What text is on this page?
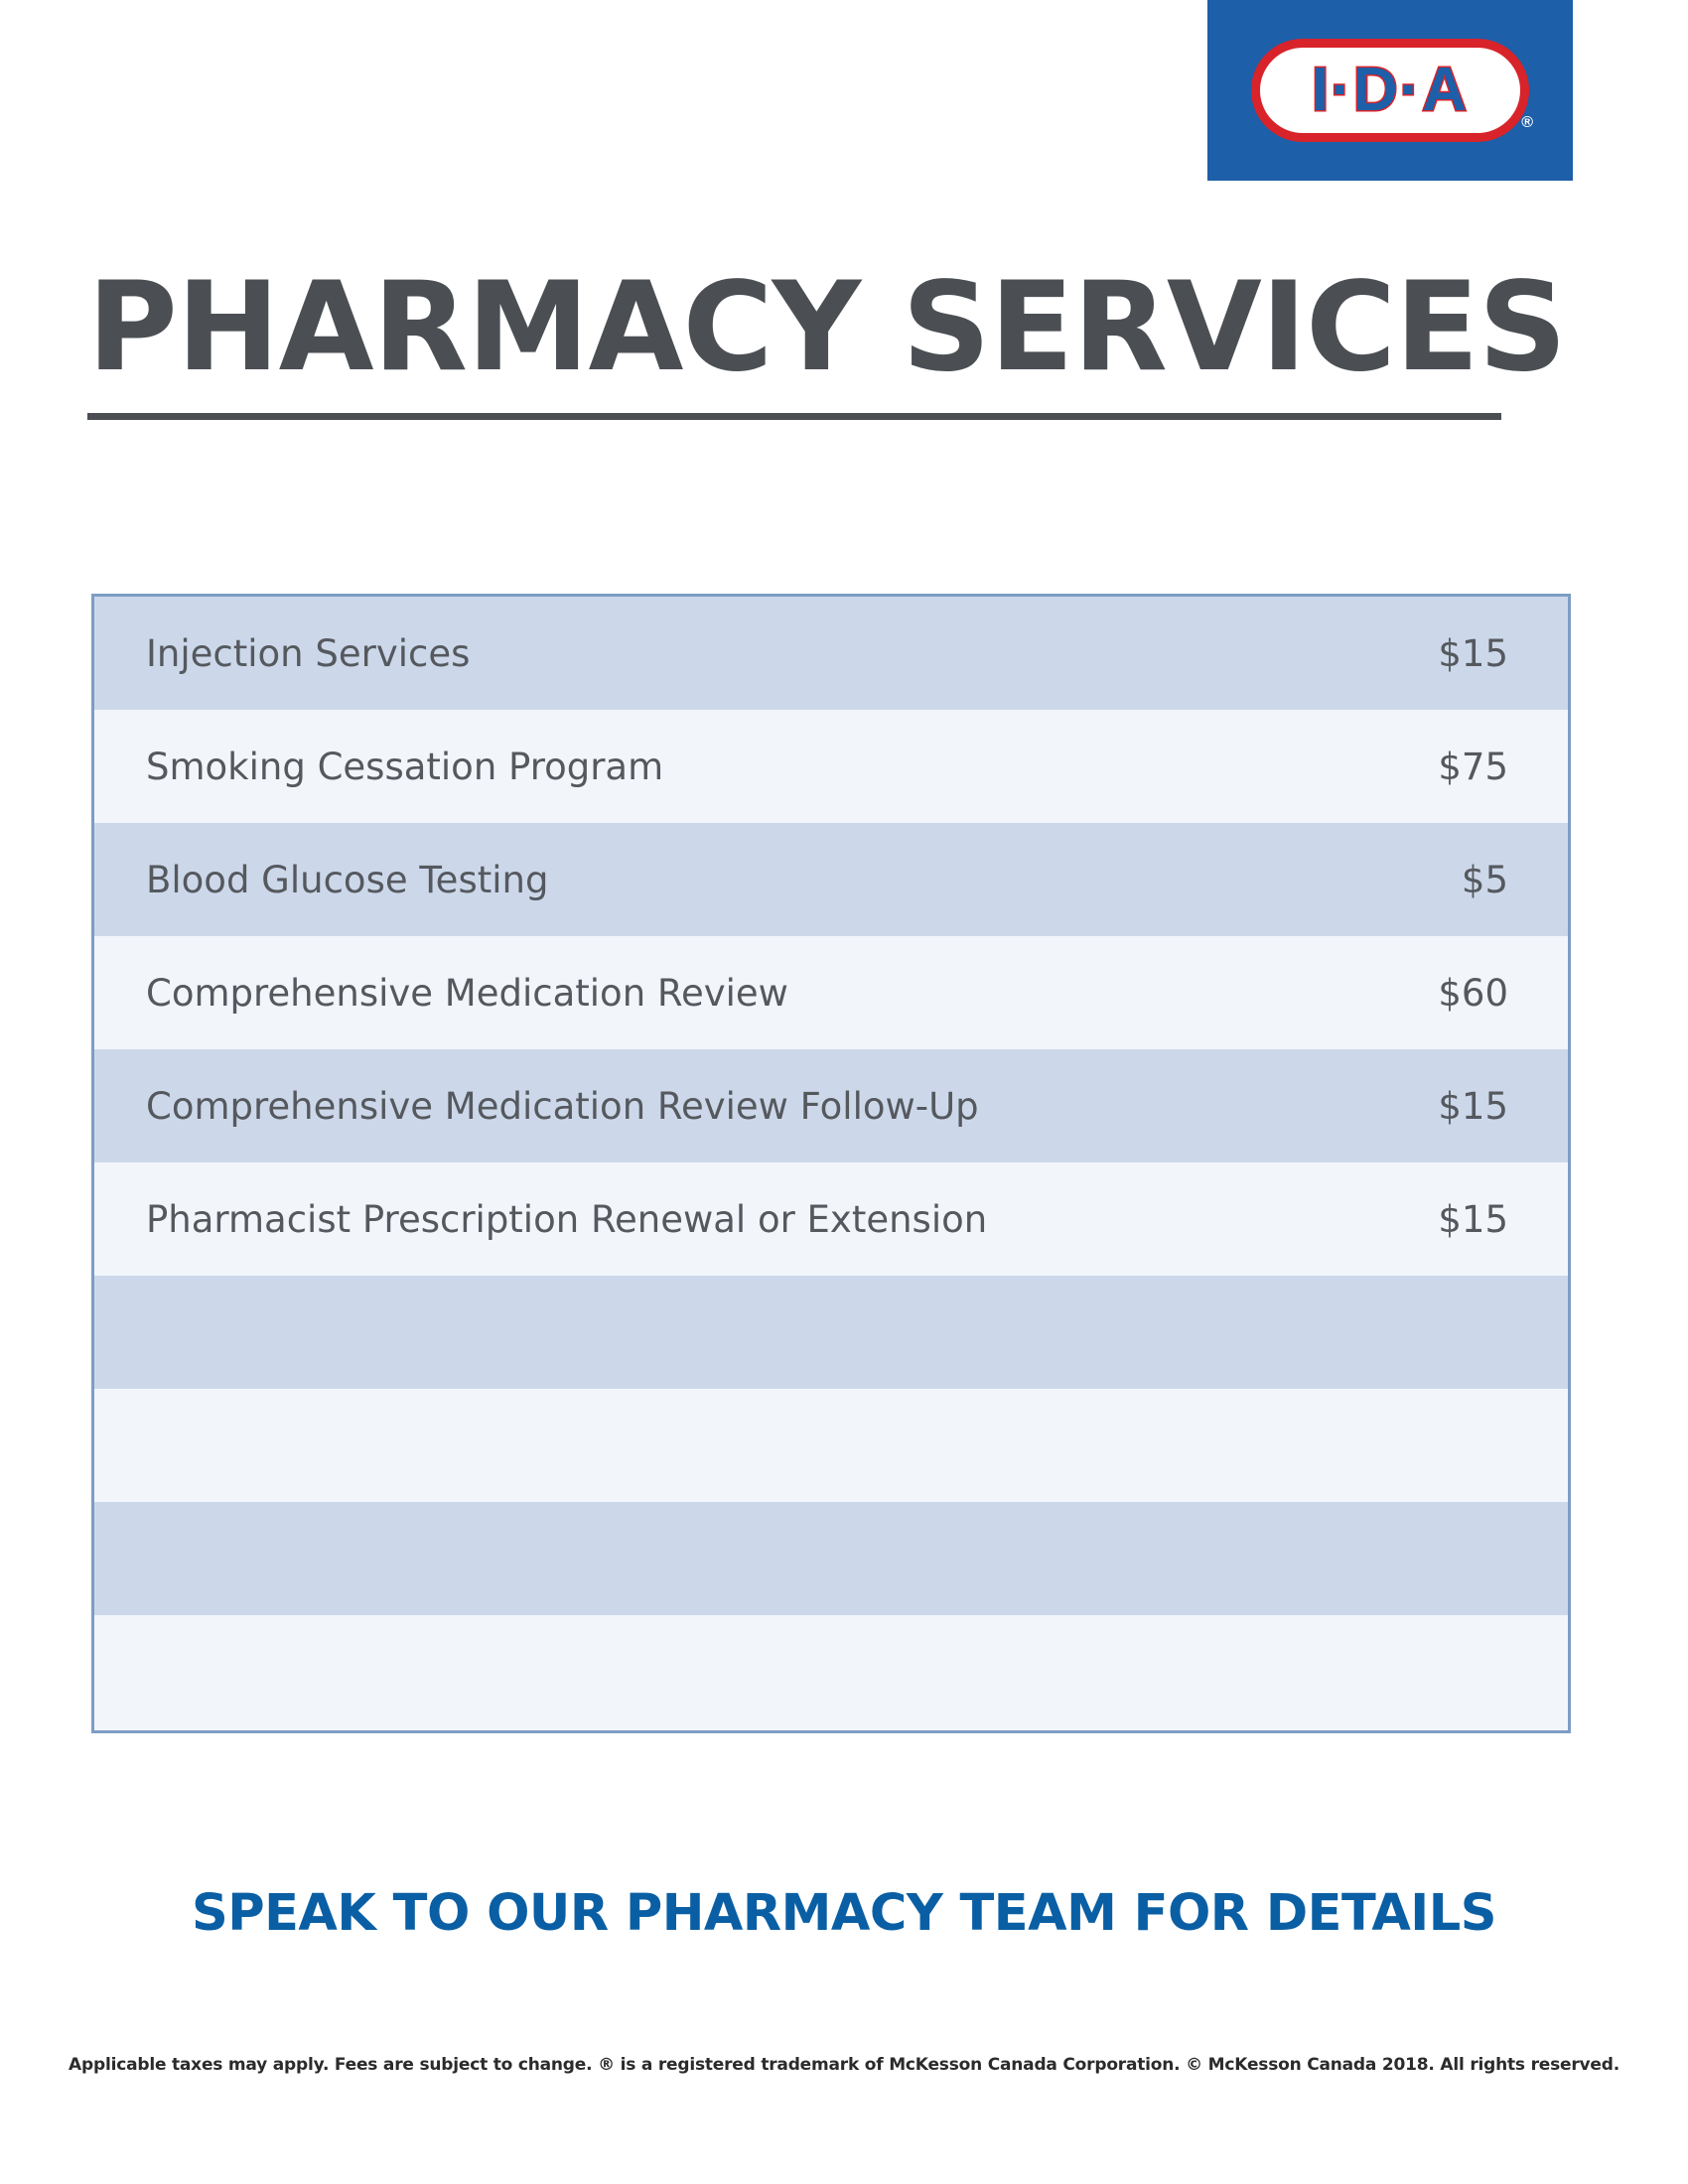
I·D·A	®
PHARMACY SERVICES
Injection Services	$15
Smoking Cessation Program	$75
Blood Glucose Testing	$5
Comprehensive Medication Review	$60
Comprehensive Medication Review Follow-Up	$15
Pharmacist Prescription Renewal or Extension	$15
SPEAK TO OUR PHARMACY TEAM FOR DETAILS
Applicable taxes may apply. Fees are subject to change. ® is a registered trademark of McKesson Canada Corporation. © McKesson Canada 2018. All rights reserved.
